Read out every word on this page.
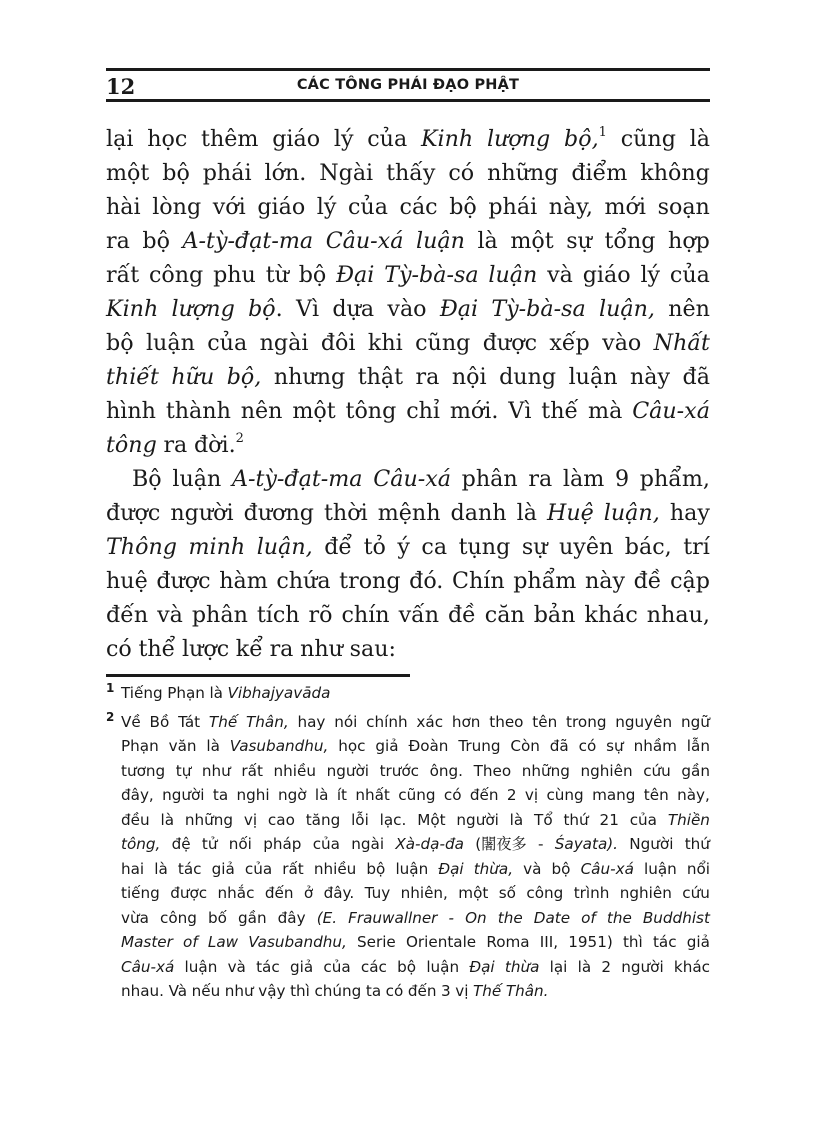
12	CÁC TÔNG PHÁI ĐẠO PHẬT
lại học thêm giáo lý của Kinh lượng bộ,$^1$ cũng là
một bộ phái lớn. Ngài thấy có những điểm không
hài lòng với giáo lý của các bộ phái này, mới soạn
ra bộ A-tỳ-đạt-ma Câu-xá luận là một sự tổng hợp
rất công phu từ bộ Đại Tỳ-bà-sa luận và giáo lý của
Kinh lượng bộ. Vì dựa vào Đại Tỳ-bà-sa luận, nên
bộ luận của ngài đôi khi cũng được xếp vào Nhất
thiết hữu bộ, nhưng thật ra nội dung luận này đã
hình thành nên một tông chỉ mới. Vì thế mà Câu-xá
tông ra đời.$^2$
Bộ luận A-tỳ-đạt-ma Câu-xá phân ra làm 9 phẩm,
được người đương thời mệnh danh là Huệ luận, hay
Thông minh luận, để tỏ ý ca tụng sự uyên bác, trí
huệ được hàm chứa trong đó. Chín phẩm này đề cập
đến và phân tích rõ chín vấn đề căn bản khác nhau,
có thể lược kể ra như sau:
1 Tiếng Phạn là Vibhajyavāda
2 Về Bồ Tát Thế Thân, hay nói chính xác hơn theo tên trong nguyên ngữ
Phạn văn là Vasubandhu, học giả Đoàn Trung Còn đã có sự nhầm lẫn
tương tự như rất nhiều người trước ông. Theo những nghiên cứu gần
đây, người ta nghi ngờ là ít nhất cũng có đến 2 vị cùng mang tên này,
đều là những vị cao tăng lỗi lạc. Một người là Tổ thứ 21 của Thiền
tông, đệ tử nối pháp của ngài Xà-dạ-đa (闍夜多 - Śayata). Người thứ
hai là tác giả của rất nhiều bộ luận Đại thừa, và bộ Câu-xá luận nổi
tiếng được nhắc đến ở đây. Tuy nhiên, một số công trình nghiên cứu
vừa công bố gần đây (E. Frauwallner - On the Date of the Buddhist
Master of Law Vasubandhu, Serie Orientale Roma III, 1951) thì tác giả
Câu-xá luận và tác giả của các bộ luận Đại thừa lại là 2 người khác
nhau. Và nếu như vậy thì chúng ta có đến 3 vị Thế Thân.
